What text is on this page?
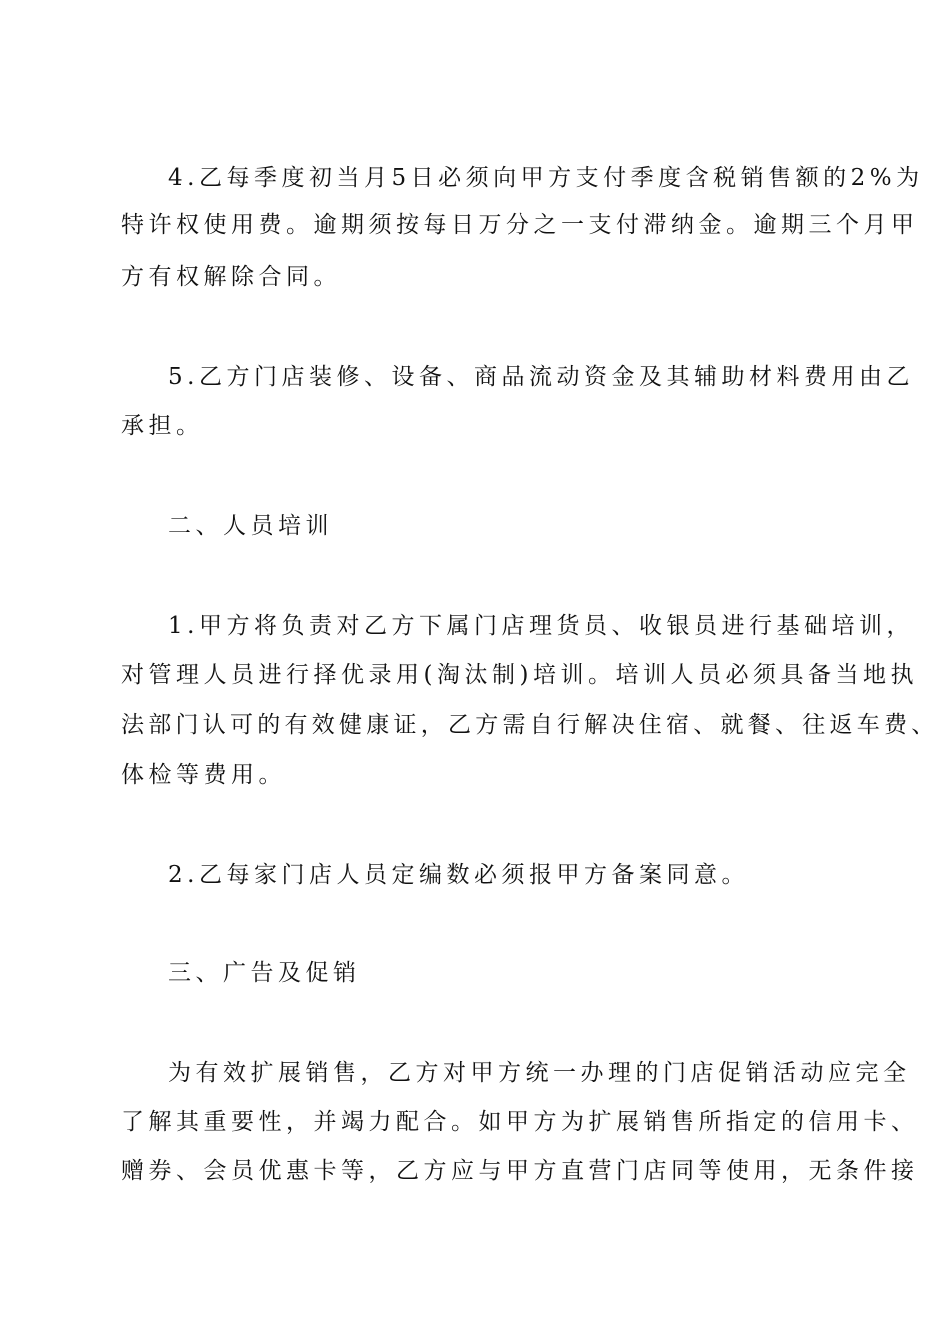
4.乙每季度初当月5日必须向甲方支付季度含税销售额的2%为
特许权使用费。逾期须按每日万分之一支付滞纳金。逾期三个月甲
方有权解除合同。
5.乙方门店装修、设备、商品流动资金及其辅助材料费用由乙
承担。
二、人员培训
1.甲方将负责对乙方下属门店理货员、收银员进行基础培训，
对管理人员进行择优录用(淘汰制)培训。培训人员必须具备当地执
法部门认可的有效健康证，乙方需自行解决住宿、就餐、往返车费、
体检等费用。
2.乙每家门店人员定编数必须报甲方备案同意。
三、广告及促销
为有效扩展销售，乙方对甲方统一办理的门店促销活动应完全
了解其重要性，并竭力配合。如甲方为扩展销售所指定的信用卡、
赠券、会员优惠卡等，乙方应与甲方直营门店同等使用，无条件接
